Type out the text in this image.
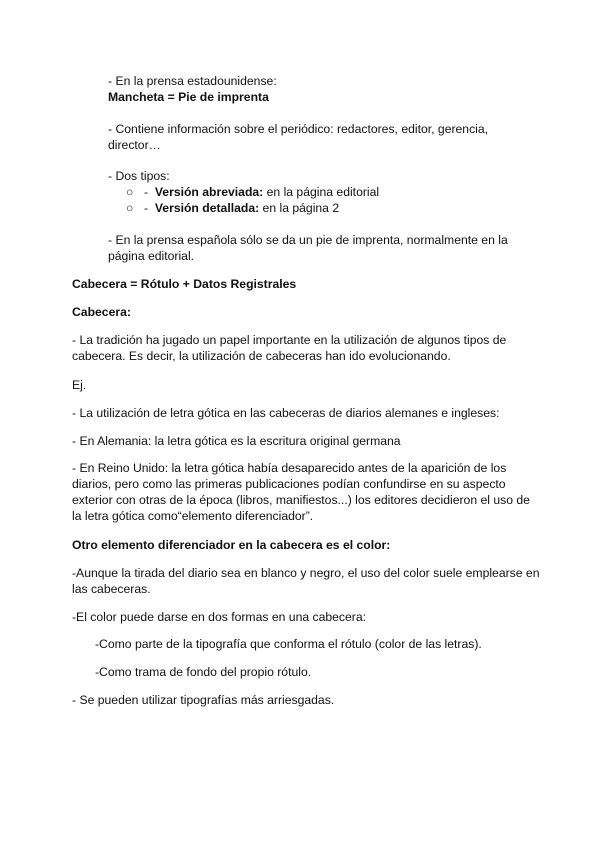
- En la prensa estadounidense:

Mancheta = Pie de imprenta

- Contiene información sobre el periódico: redactores, editor, gerencia, director…

- Dos tipos:

○ - Versión abreviada: en la página editorial

○ - Versión detallada: en la página 2

- En la prensa española sólo se da un pie de imprenta, normalmente en la página editorial.

Cabecera = Rótulo + Datos Registrales

Cabecera:

- La tradición ha jugado un papel importante en la utilización de algunos tipos de cabecera. Es decir, la utilización de cabeceras han ido evolucionando.

Ej.

- La utilización de letra gótica en las cabeceras de diarios alemanes e ingleses:

- En Alemania: la letra gótica es la escritura original germana

- En Reino Unido: la letra gótica había desaparecido antes de la aparición de los diarios, pero como las primeras publicaciones podían confundirse en su aspecto exterior con otras de la época (libros, manifiestos...) los editores decidieron el uso de la letra gótica como“elemento diferenciador”.

Otro elemento diferenciador en la cabecera es el color:

-Aunque la tirada del diario sea en blanco y negro, el uso del color suele emplearse en las cabeceras.

-El color puede darse en dos formas en una cabecera:

-Como parte de la tipografía que conforma el rótulo (color de las letras).

-Como trama de fondo del propio rótulo.

- Se pueden utilizar tipografías más arriesgadas.
